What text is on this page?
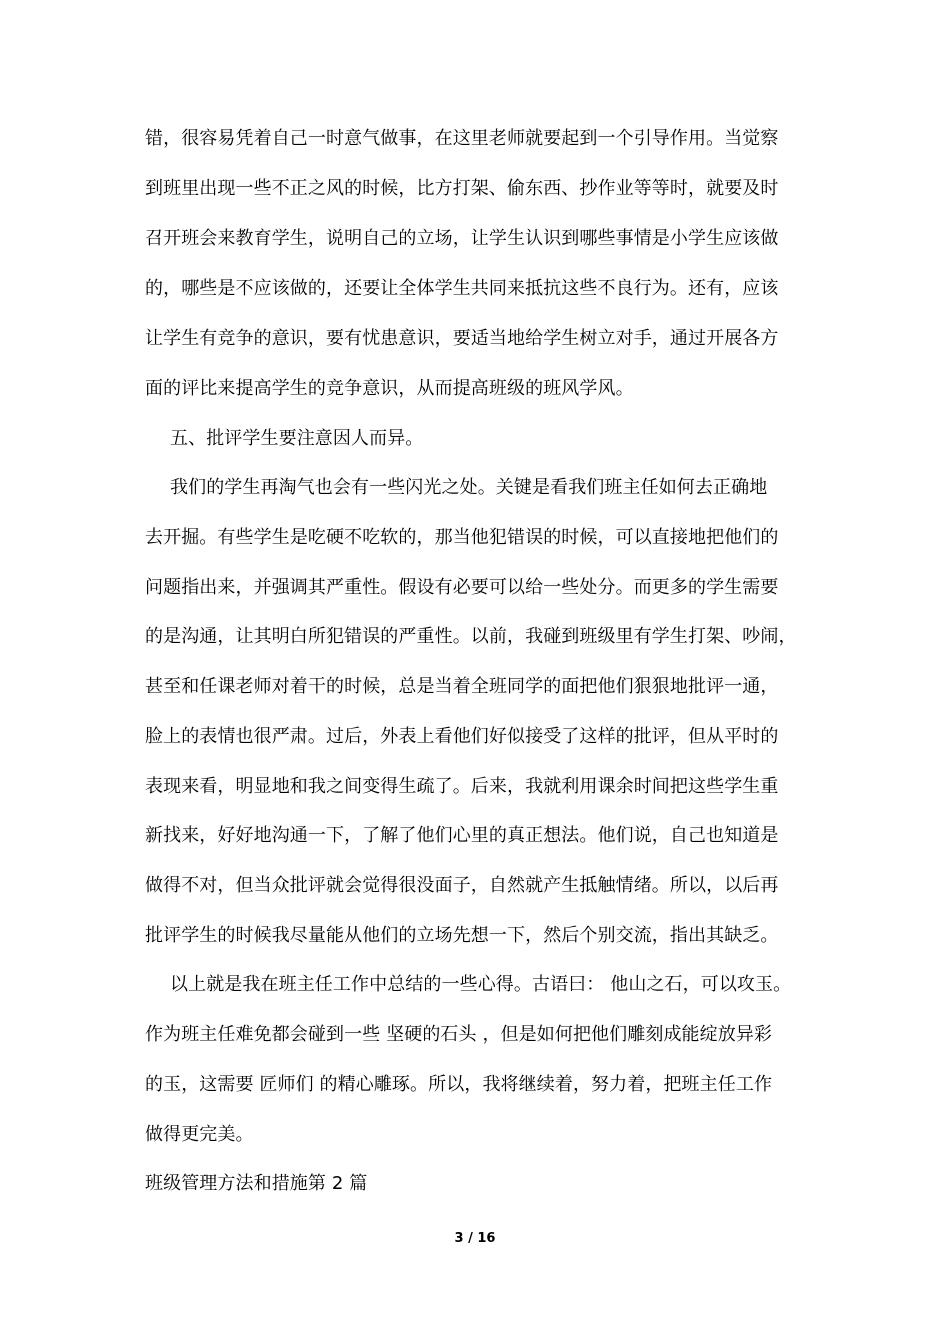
错，很容易凭着自己一时意气做事，在这里老师就要起到一个引导作用。当觉察
到班里出现一些不正之风的时候，比方打架、偷东西、抄作业等等时，就要及时
召开班会来教育学生，说明自己的立场，让学生认识到哪些事情是小学生应该做
的，哪些是不应该做的，还要让全体学生共同来抵抗这些不良行为。还有，应该
让学生有竞争的意识，要有忧患意识，要适当地给学生树立对手，通过开展各方
面的评比来提高学生的竞争意识，从而提高班级的班风学风。
五、批评学生要注意因人而异。
我们的学生再淘气也会有一些闪光之处。关键是看我们班主任如何去正确地
去开掘。有些学生是吃硬不吃软的，那当他犯错误的时候，可以直接地把他们的
问题指出来，并强调其严重性。假设有必要可以给一些处分。而更多的学生需要
的是沟通，让其明白所犯错误的严重性。以前，我碰到班级里有学生打架、吵闹，
甚至和任课老师对着干的时候，总是当着全班同学的面把他们狠狠地批评一通，
脸上的表情也很严肃。过后，外表上看他们好似接受了这样的批评，但从平时的
表现来看，明显地和我之间变得生疏了。后来，我就利用课余时间把这些学生重
新找来，好好地沟通一下，了解了他们心里的真正想法。他们说，自己也知道是
做得不对，但当众批评就会觉得很没面子，自然就产生抵触情绪。所以，以后再
批评学生的时候我尽量能从他们的立场先想一下，然后个别交流，指出其缺乏。
以上就是我在班主任工作中总结的一些心得。古语曰： 他山之石，可以攻玉。
作为班主任难免都会碰到一些 坚硬的石头 ，但是如何把他们雕刻成能绽放异彩
的玉，这需要 匠师们 的精心雕琢。所以，我将继续着，努力着，把班主任工作
做得更完美。
班级管理方法和措施第 2 篇
3 / 16
